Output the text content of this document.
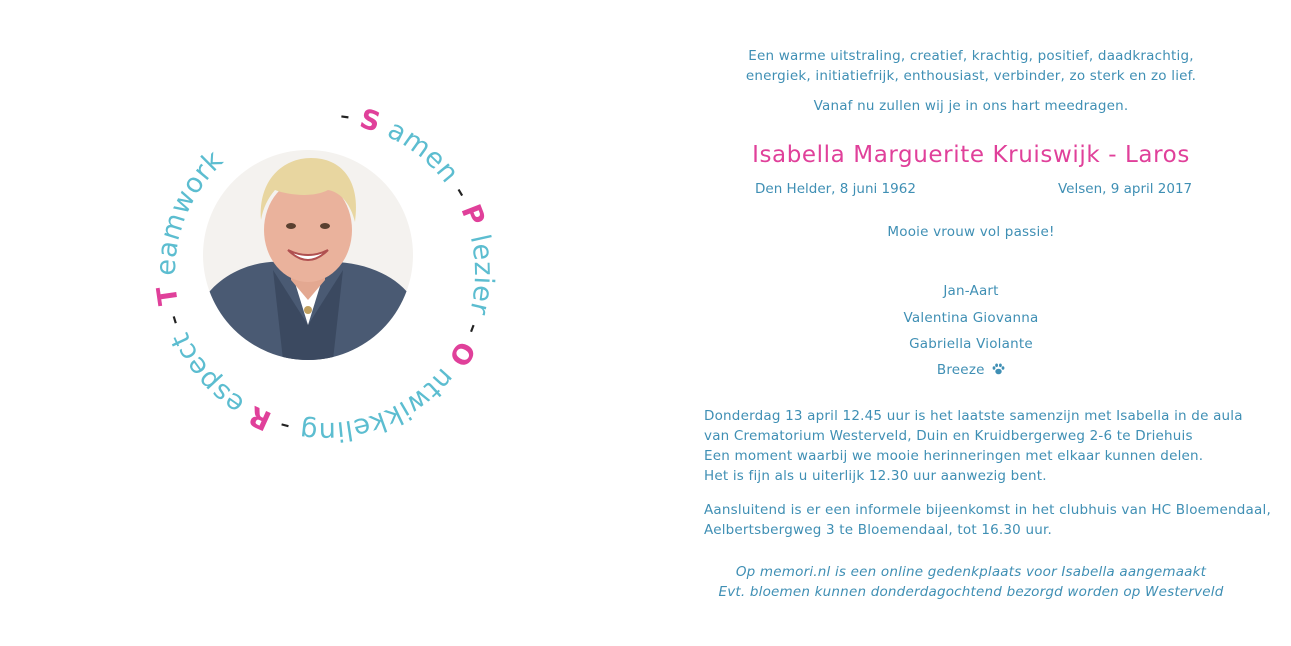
- S amen - P lezier - O ntwikkeling - R espect - T eamwork

Een warme uitstraling, creatief, krachtig, positief, daadkrachtig,

energiek, initiatiefrijk, enthousiast, verbinder, zo sterk en zo lief.

Vanaf nu zullen wij je in ons hart meedragen.

Isabella Marguerite Kruiswijk - Laros

Den Helder, 8 juni 1962	Velsen, 9 april 2017

Mooie vrouw vol passie!

Jan-Aart

Valentina Giovanna

Gabriella Violante

Breeze

Donderdag 13 april 12.45 uur is het laatste samenzijn met Isabella in de aula
van Crematorium Westerveld, Duin en Kruidbergerweg 2-6 te Driehuis
Een moment waarbij we mooie herinneringen met elkaar kunnen delen.
Het is fijn als u uiterlijk 12.30 uur aanwezig bent.
Aansluitend is er een informele bijeenkomst in het clubhuis van HC Bloemendaal,
Aelbertsbergweg 3 te Bloemendaal, tot 16.30 uur.
Op memori.nl is een online gedenkplaats voor Isabella aangemaakt
Evt. bloemen kunnen donderdagochtend bezorgd worden op Westerveld
